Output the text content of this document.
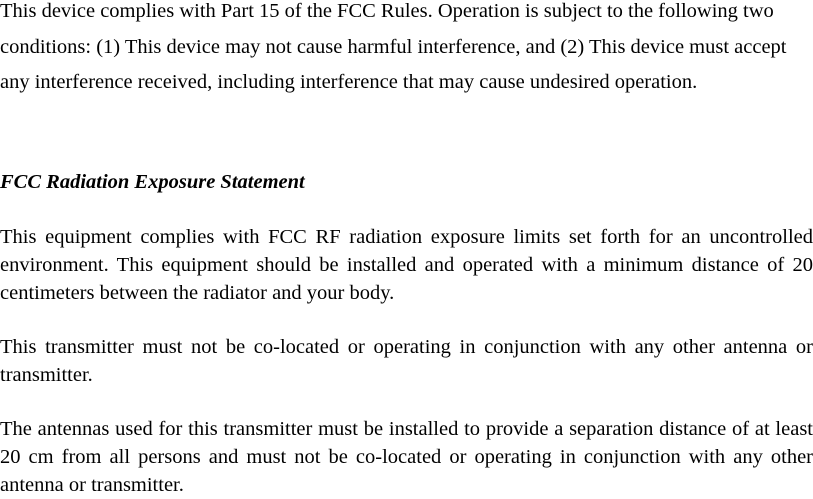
This device complies with Part 15 of the FCC Rules. Operation is subject to the following two conditions: (1) This device may not cause harmful interference, and (2) This device must accept any interference received, including interference that may cause undesired operation.

FCC Radiation Exposure Statement

This equipment complies with FCC RF radiation exposure limits set forth for an uncontrolled environment. This equipment should be installed and operated with a minimum distance of 20 centimeters between the radiator and your body.

This transmitter must not be co-located or operating in conjunction with any other antenna or transmitter.

The antennas used for this transmitter must be installed to provide a separation distance of at least 20 cm from all persons and must not be co-located or operating in conjunction with any other antenna or transmitter.
